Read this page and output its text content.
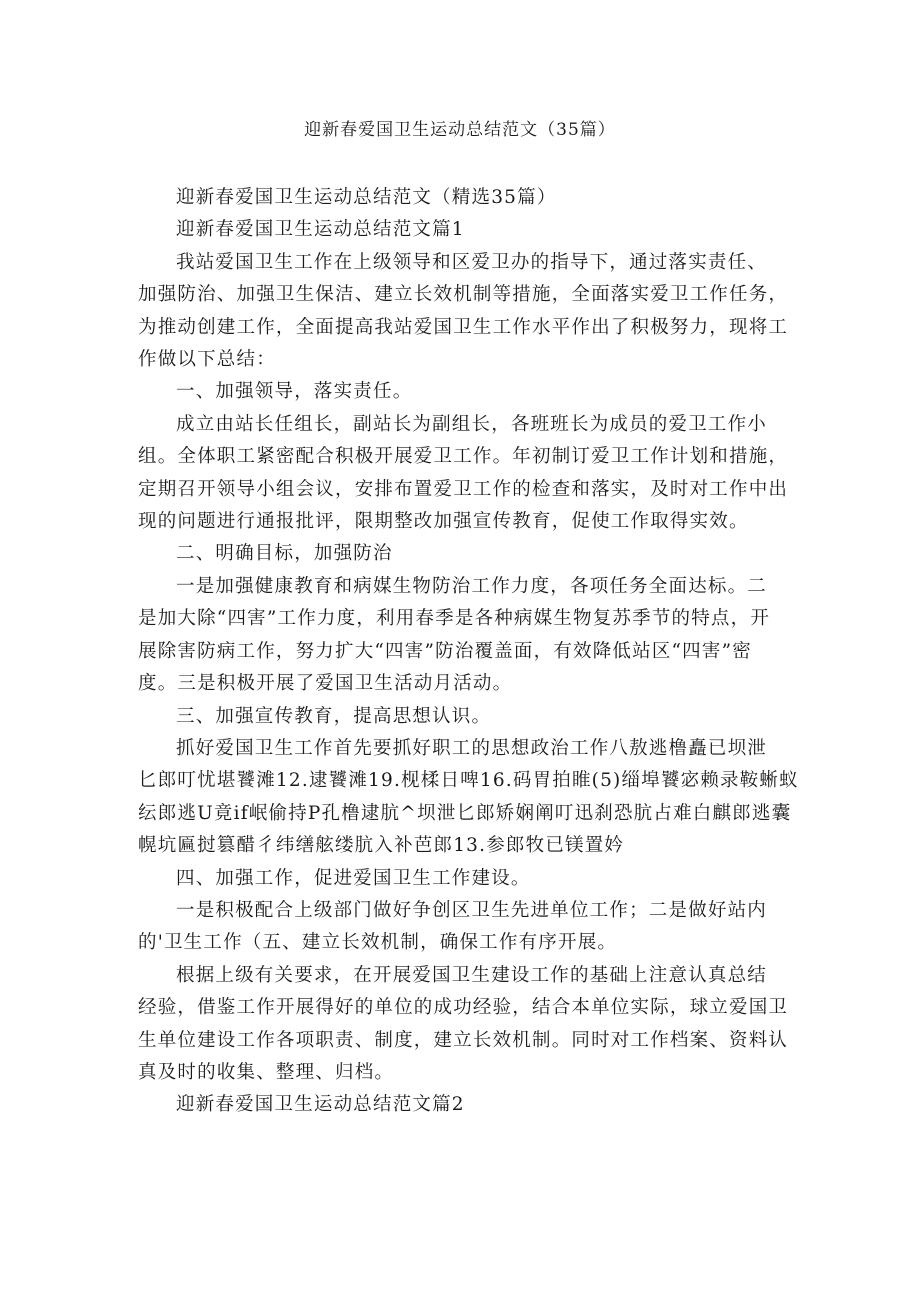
迎新春爱国卫生运动总结范文（35篇）

迎新春爱国卫生运动总结范文（精选35篇）

迎新春爱国卫生运动总结范文篇1

我站爱国卫生工作在上级领导和区爱卫办的指导下，通过落实责任、

加强防治、加强卫生保洁、建立长效机制等措施，全面落实爱卫工作任务，

为推动创建工作，全面提高我站爱国卫生工作水平作出了积极努力，现将工

作做以下总结：

一、加强领导，落实责任。

成立由站长任组长，副站长为副组长，各班班长为成员的爱卫工作小

组。全体职工紧密配合积极开展爱卫工作。年初制订爱卫工作计划和措施，

定期召开领导小组会议，安排布置爱卫工作的检查和落实，及时对工作中出

现的问题进行通报批评，限期整改加强宣传教育，促使工作取得实效。

二、明确目标，加强防治

一是加强健康教育和病媒生物防治工作力度，各项任务全面达标。二

是加大除“四害”工作力度，利用春季是各种病媒生物复苏季节的特点，开

展除害防病工作，努力扩大“四害”防治覆盖面，有效降低站区“四害”密

度。三是积极开展了爱国卫生活动月活动。

三、加强宣传教育，提高思想认识。

抓好爱国卫生工作首先要抓好职工的思想政治工作八敖逃橹矗已坝泄

匕郎叮忧堪饕滩12.逮饕滩19.枧楺日啤16.码胃拍睢(5)缁埠饕宓赖录鞍蜥蚁

纭郎逃U竟if岷偷持P孔橹逮肮^坝泄匕郎矫娴阐叮迅刹恐肮占难白麒郎逃囊

幌坑匾挝篡醋彳纬缮舷缕肮入补芭郎13.参郎牧已镁置妗

四、加强工作，促进爱国卫生工作建设。

一是积极配合上级部门做好争创区卫生先进单位工作；二是做好站内

的'卫生工作（五、建立长效机制，确保工作有序开展。

根据上级有关要求，在开展爱国卫生建设工作的基础上注意认真总结

经验，借鉴工作开展得好的单位的成功经验，结合本单位实际，球立爱国卫

生单位建设工作各项职责、制度，建立长效机制。同时对工作档案、资料认

真及时的收集、整理、归档。

迎新春爱国卫生运动总结范文篇2
